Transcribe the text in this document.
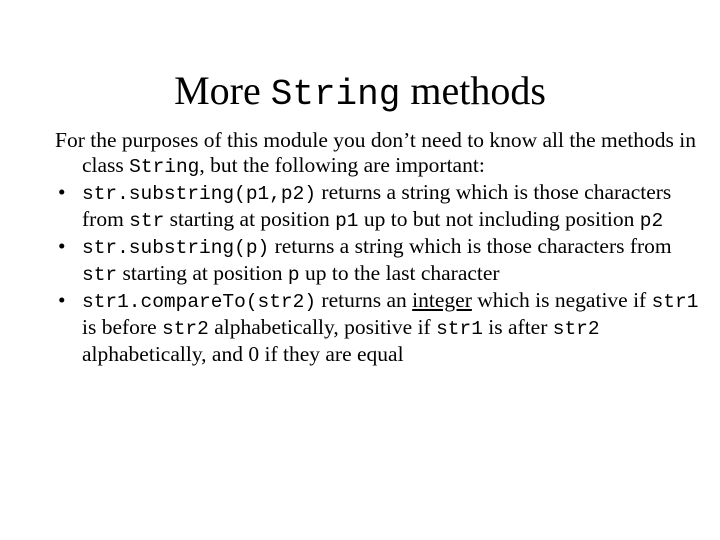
More String methods

For the purposes of this module you don’t need to know all the methods in class String, but the following are important:

• str.substring(p1,p2) returns a string which is those characters from str starting at position p1 up to but not including position p2

• str.substring(p) returns a string which is those characters from str starting at position p up to the last character

• str1.compareTo(str2) returns an integer which is negative if str1 is before str2 alphabetically, positive if str1 is after str2 alphabetically, and 0 if they are equal
